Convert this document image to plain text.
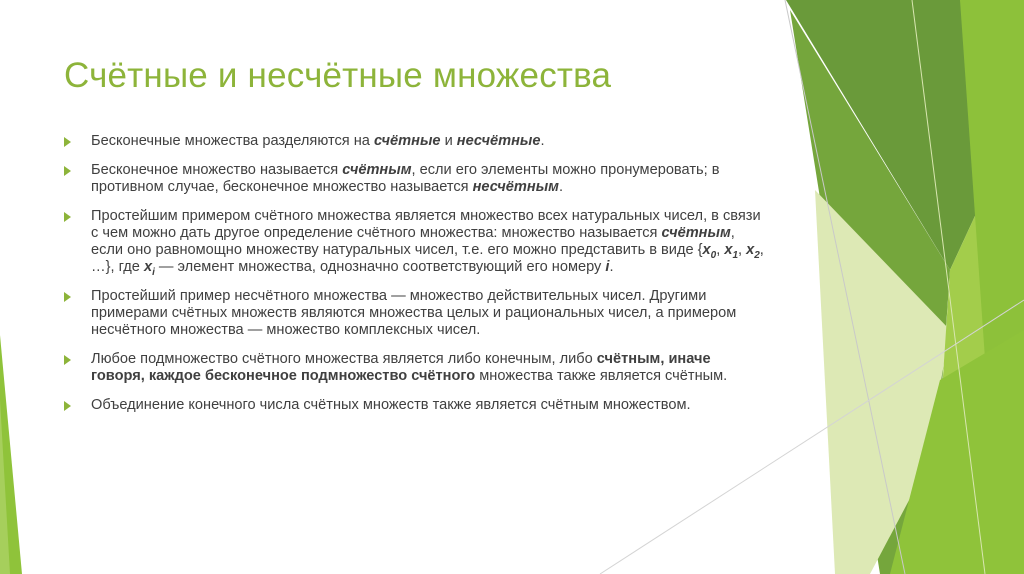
Счётные и несчётные множества
Бесконечные множества разделяются на счётные и несчётные.
Бесконечное множество называется счётным, если его элементы можно пронумеровать; в противном случае, бесконечное множество называется несчётным.
Простейшим примером счётного множества является множество всех натуральных чисел, в связи с чем можно дать другое определение счётного множества: множество называется счётным, если оно равномощно множеству натуральных чисел, т.е. его можно представить в виде {$x_0$, $x_1$, $x_2$, …}, где $x_i$ — элемент множества, однозначно соответствующий его номеру i.
Простейший пример несчётного множества — множество действительных чисел. Другими примерами счётных множеств являются множества целых и рациональных чисел, а примером несчётного множества — множество комплексных чисел.
Любое подмножество счётного множества является либо конечным, либо счётным, иначе говоря, каждое бесконечное подмножество счётного множества также является счётным.
Объединение конечного числа счётных множеств также является счётным множеством.
